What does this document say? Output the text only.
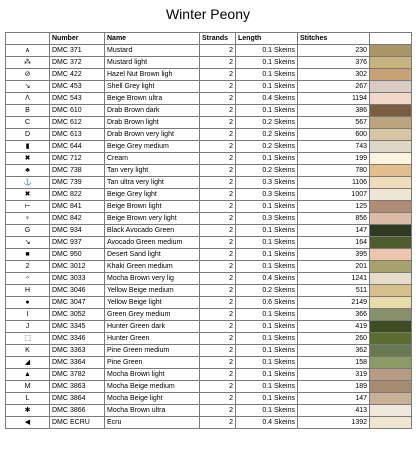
Winter Peony
	Number	Name	Strands	Length	Stitches	
ᴀ	DMC 371	Mustard	2	0.1 Skeins	230	

⁂	DMC 372	Mustard light	2	0.1 Skeins	376	

⊘	DMC 422	Hazel Nut Brown ligh	2	0.1 Skeins	302	

↘	DMC 453	Shell Grey light	2	0.1 Skeins	267	

Λ	DMC 543	Beige Brown ultra	2	0.4 Skeins	1194	

B	DMC 610	Drab Brown dark	2	0.1 Skeins	386	

C	DMC 612	Drab Brown light	2	0.2 Skeins	567	

D	DMC 613	Drab Brown very light	2	0.2 Skeins	600	

▮	DMC 644	Beige Grey medium	2	0.2 Skeins	743	

✖	DMC 712	Cream	2	0.1 Skeins	199	

♣	DMC 738	Tan very light	2	0.2 Skeins	780	

⚓	DMC 739	Tan ultra very light	2	0.3 Skeins	1106	

✖	DMC 822	Beige Grey light	2	0.3 Skeins	1007	

⊢	DMC 841	Beige Brown light	2	0.1 Skeins	125	

♀	DMC 842	Beige Brown very light	2	0.3 Skeins	856	

G	DMC 934	Black Avocado Green	2	0.1 Skeins	147	

↘	DMC 937	Avocado Green medium	2	0.1 Skeins	164	

■	DMC 950	Desert Sand light	2	0.1 Skeins	395	

2	DMC 3012	Khaki Green medium	2	0.1 Skeins	201	

𝄐	DMC 3033	Mocha Brown very lig	2	0.4 Skeins	1241	

H	DMC 3046	Yellow Beige medium	2	0.2 Skeins	511	

●	DMC 3047	Yellow Beige light	2	0.6 Skeins	2149	

I	DMC 3052	Green Grey medium	2	0.1 Skeins	366	

J	DMC 3345	Hunter Green dark	2	0.1 Skeins	419	

⬚	DMC 3346	Hunter Green	2	0.1 Skeins	260	

K	DMC 3363	Pine Green medium	2	0.1 Skeins	362	

◢	DMC 3364	Pine Green	2	0.1 Skeins	158	

▲	DMC 3782	Mocha Brown light	2	0.1 Skeins	319	

M	DMC 3863	Mocha Beige medium	2	0.1 Skeins	189	

L	DMC 3864	Mocha Beige light	2	0.1 Skeins	147	

✱	DMC 3866	Mocha Brown ultra	2	0.1 Skeins	413	

◀	DMC ECRU	Ecru	2	0.4 Skeins	1392	
